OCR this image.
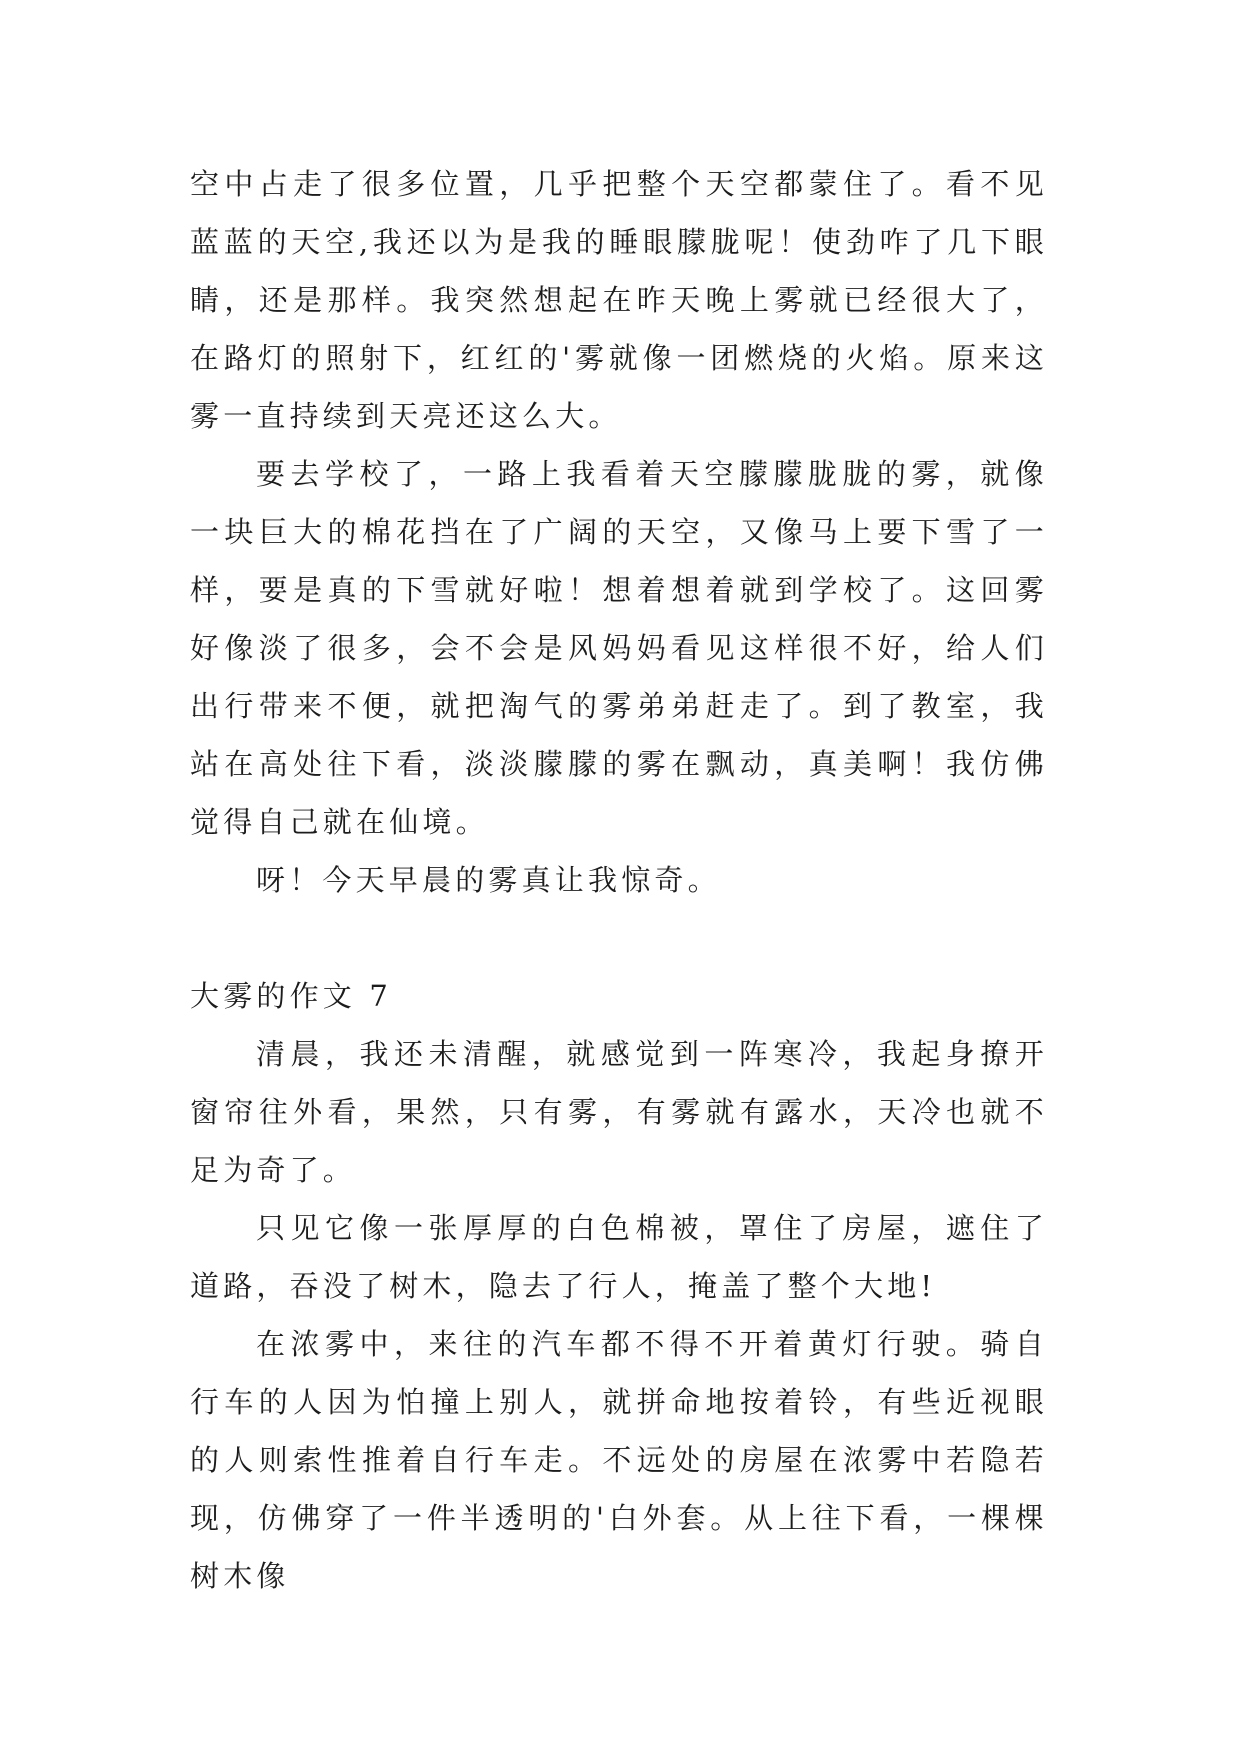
空中占走了很多位置，几乎把整个天空都蒙住了。看不见蓝蓝的天空,我还以为是我的睡眼朦胧呢！使劲咋了几下眼睛，还是那样。我突然想起在昨天晚上雾就已经很大了，在路灯的照射下，红红的'雾就像一团燃烧的火焰。原来这雾一直持续到天亮还这么大。

要去学校了，一路上我看着天空朦朦胧胧的雾，就像一块巨大的棉花挡在了广阔的天空，又像马上要下雪了一样，要是真的下雪就好啦！想着想着就到学校了。这回雾好像淡了很多，会不会是风妈妈看见这样很不好，给人们出行带来不便，就把淘气的雾弟弟赶走了。到了教室，我站在高处往下看，淡淡朦朦的雾在飘动，真美啊！我仿佛觉得自己就在仙境。

呀！今天早晨的雾真让我惊奇。

大雾的作文 7

清晨，我还未清醒，就感觉到一阵寒冷，我起身撩开窗帘往外看，果然，只有雾，有雾就有露水，天冷也就不足为奇了。

只见它像一张厚厚的白色棉被，罩住了房屋，遮住了道路，吞没了树木，隐去了行人，掩盖了整个大地!

在浓雾中，来往的汽车都不得不开着黄灯行驶。骑自行车的人因为怕撞上别人，就拼命地按着铃，有些近视眼的人则索性推着自行车走。不远处的房屋在浓雾中若隐若现，仿佛穿了一件半透明的'白外套。从上往下看，一棵棵树木像
